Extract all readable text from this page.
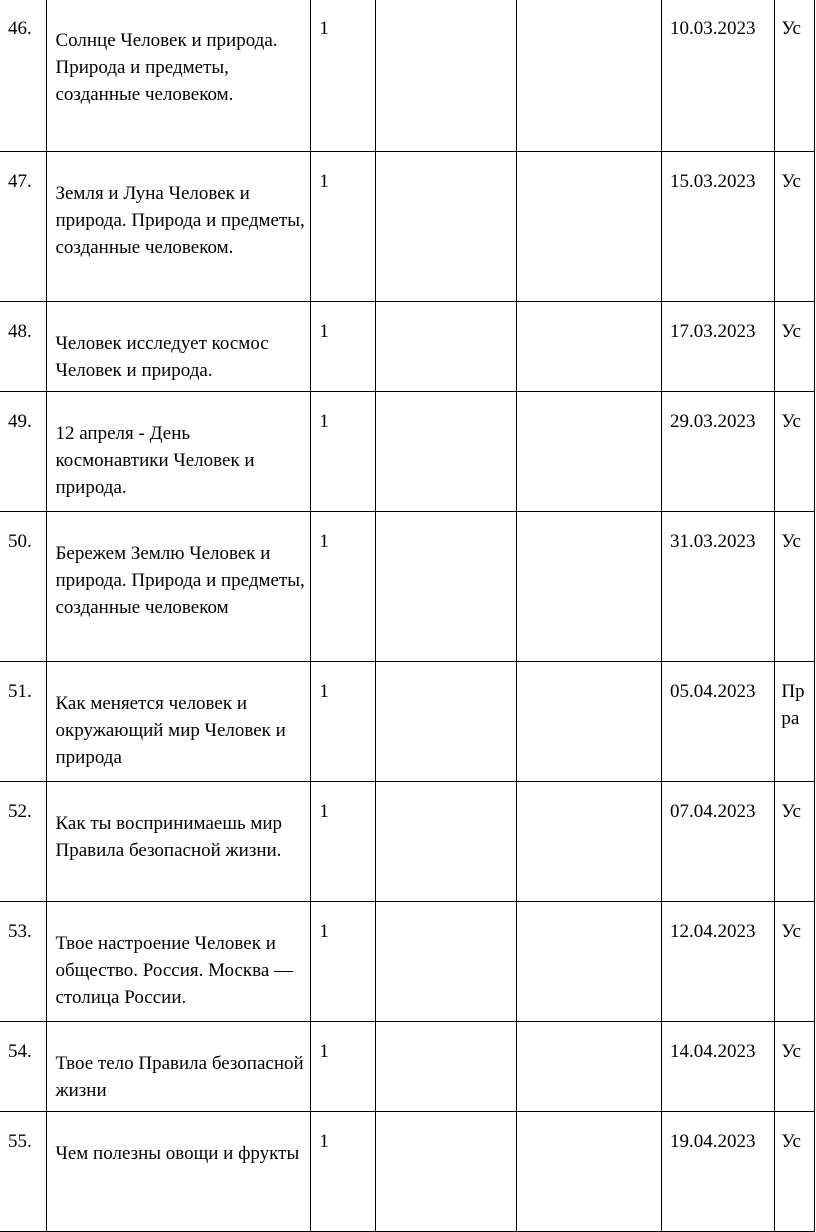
46.	Солнце Человек и природа. Природа и предметы, созданные человеком.	1			10.03.2023	Ус
47.	Земля и Луна Человек и природа. Природа и предметы, созданные человеком.	1			15.03.2023	Ус
48.	Человек исследует космос Человек и природа.	1			17.03.2023	Ус
49.	12 апреля - День космонавтики Человек и природа.	1			29.03.2023	Ус
50.	Бережем Землю Человек и природа. Природа и предметы, созданные человеком	1			31.03.2023	Ус
51.	Как меняется человек и окружающий мир Человек и природа	1			05.04.2023	Пр ра
52.	Как ты воспринимаешь мир Правила безопасной жизни.	1			07.04.2023	Ус
53.	Твое настроение Человек и общество. Россия. Москва — столица России.	1			12.04.2023	Ус
54.	Твое тело Правила безопасной жизни	1			14.04.2023	Ус
55.	Чем полезны овощи и фрукты	1			19.04.2023	Ус
